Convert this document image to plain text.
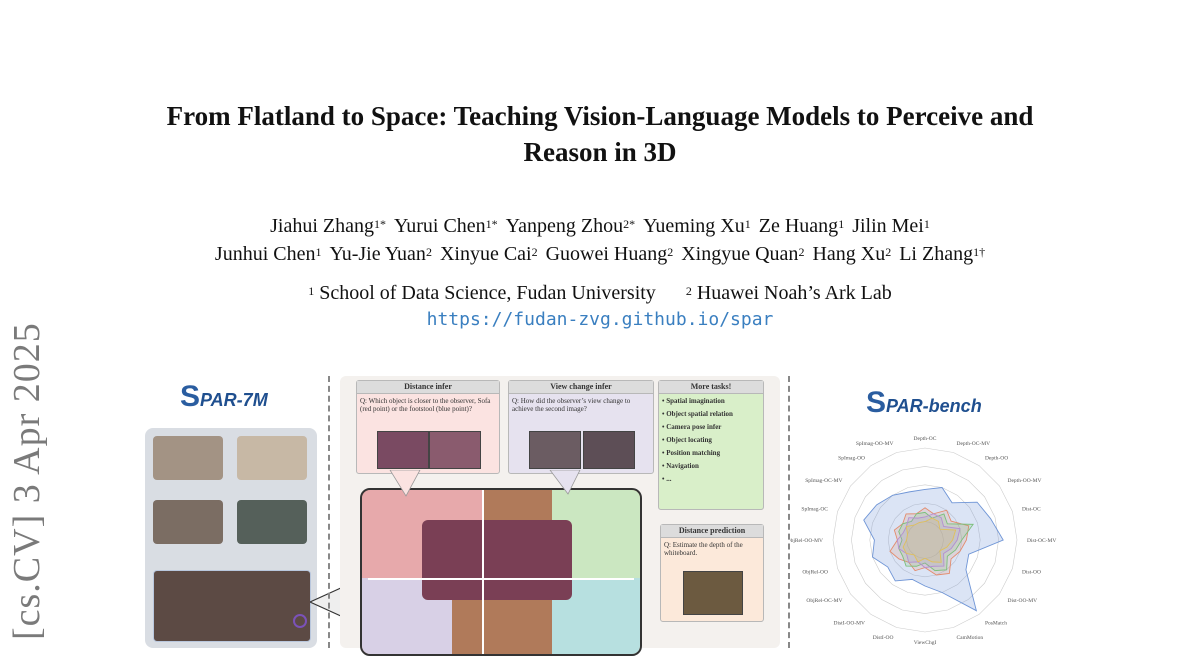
[cs.CV] 3 Apr 2025
From Flatland to Space: Teaching Vision-Language Models to Perceive and
Reason in 3D
Jiahui Zhang$^{1*}$ Yurui Chen$^{1*}$ Yanpeng Zhou$^{2*}$ Yueming Xu$^1$ Ze Huang$^1$ Jilin Mei$^1$
Junhui Chen$^1$ Yu-Jie Yuan$^2$ Xinyue Cai$^2$ Guowei Huang$^2$ Xingyue Quan$^2$ Hang Xu$^2$ Li Zhang$^{1\dagger}$
$^1$ School of Data Science, Fudan University	$^2$ Huawei Noah’s Ark Lab
https://fudan-zvg.github.io/spar
SPAR-7M
Distance infer
Q: Which object is closer to the observer, Sofa (red point) or the footstool (blue point)?
View change infer
Q: How did the observer’s view change to achieve the second image?
More tasks!
• Spatial imagination
• Object spatial relation
• Camera pose infer
• Object locating
• Position matching
• Navigation
• ...
Distance prediction
Q: Estimate the depth of the whiteboard.
SPAR-bench
Depth-OC
Depth-OC-MV
Depth-OO
Depth-OO-MV
Dist-OC
Dist-OC-MV
Dist-OO
Dist-OO-MV
PosMatch
CamMotion
ViewChgI
DistI-OO
DistI-OO-MV
ObjRel-OC-MV
ObjRel-OO
ObjRel-OO-MV
SpImag-OC
SpImag-OC-MV
SpImag-OO
SpImag-OO-MV
